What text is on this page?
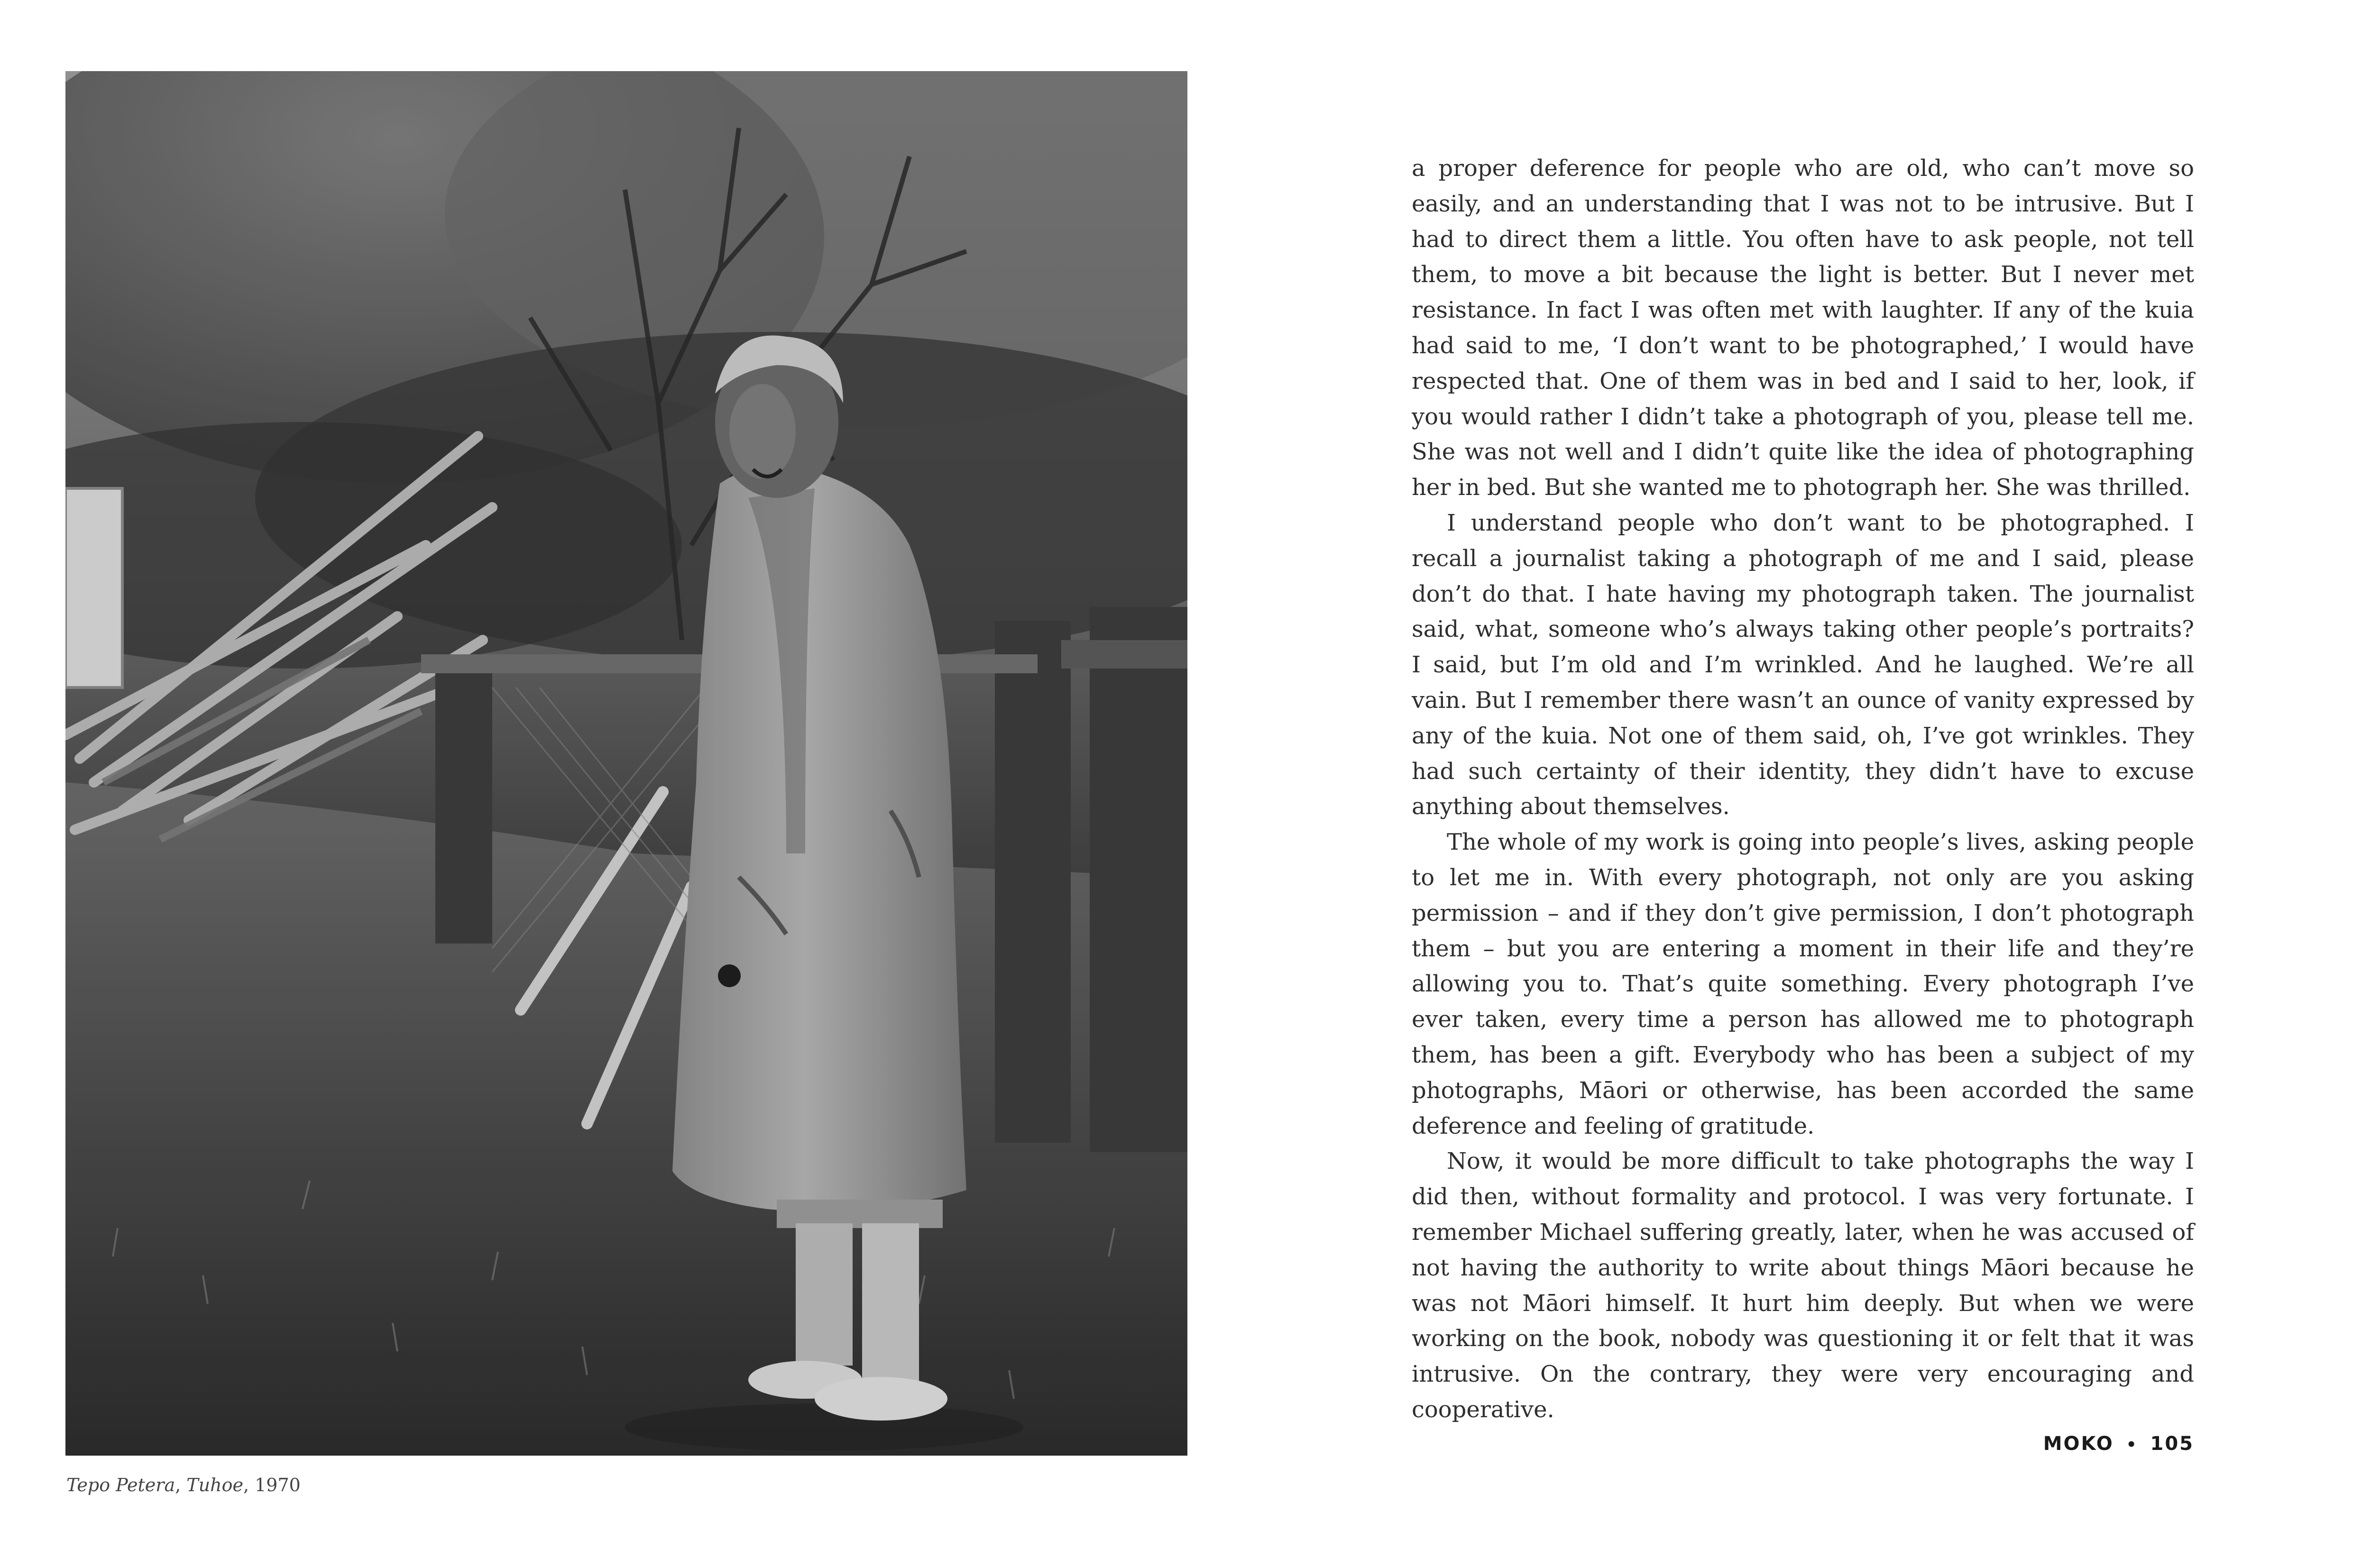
Tepo Petera, Tuhoe, 1970

a proper deference for people who are old, who can’t move so easily, and an understanding that I was not to be intrusive. But I had to direct them a little. You often have to ask people, not tell them, to move a bit because the light is better. But I never met resistance. In fact I was often met with laughter. If any of the kuia had said to me, ‘I don’t want to be photographed,’ I would have respected that. One of them was in bed and I said to her, look, if you would rather I didn’t take a photograph of you, please tell me. She was not well and I didn’t quite like the idea of photographing her in bed. But she wanted me to photograph her. She was thrilled.

I understand people who don’t want to be photographed. I recall a journalist taking a photograph of me and I said, please don’t do that. I hate having my photograph taken. The journalist said, what, someone who’s always taking other people’s portraits? I said, but I’m old and I’m wrinkled. And he laughed. We’re all vain. But I remember there wasn’t an ounce of vanity expressed by any of the kuia. Not one of them said, oh, I’ve got wrinkles. They had such certainty of their identity, they didn’t have to excuse anything about themselves.

The whole of my work is going into people’s lives, asking people to let me in. With every photograph, not only are you asking permission – and if they don’t give permission, I don’t photograph them – but you are entering a moment in their life and they’re allowing you to. That’s quite something. Every photograph I’ve ever taken, every time a person has allowed me to photograph them, has been a gift. Everybody who has been a subject of my photographs, Māori or otherwise, has been accorded the same deference and feeling of gratitude.

Now, it would be more difficult to take photographs the way I did then, without formality and protocol. I was very fortunate. I remember Michael suffering greatly, later, when he was accused of not having the authority to write about things Māori because he was not Māori himself. It hurt him deeply. But when we were working on the book, nobody was questioning it or felt that it was intrusive. On the contrary, they were very encouraging and cooperative.

MOKO • 105
